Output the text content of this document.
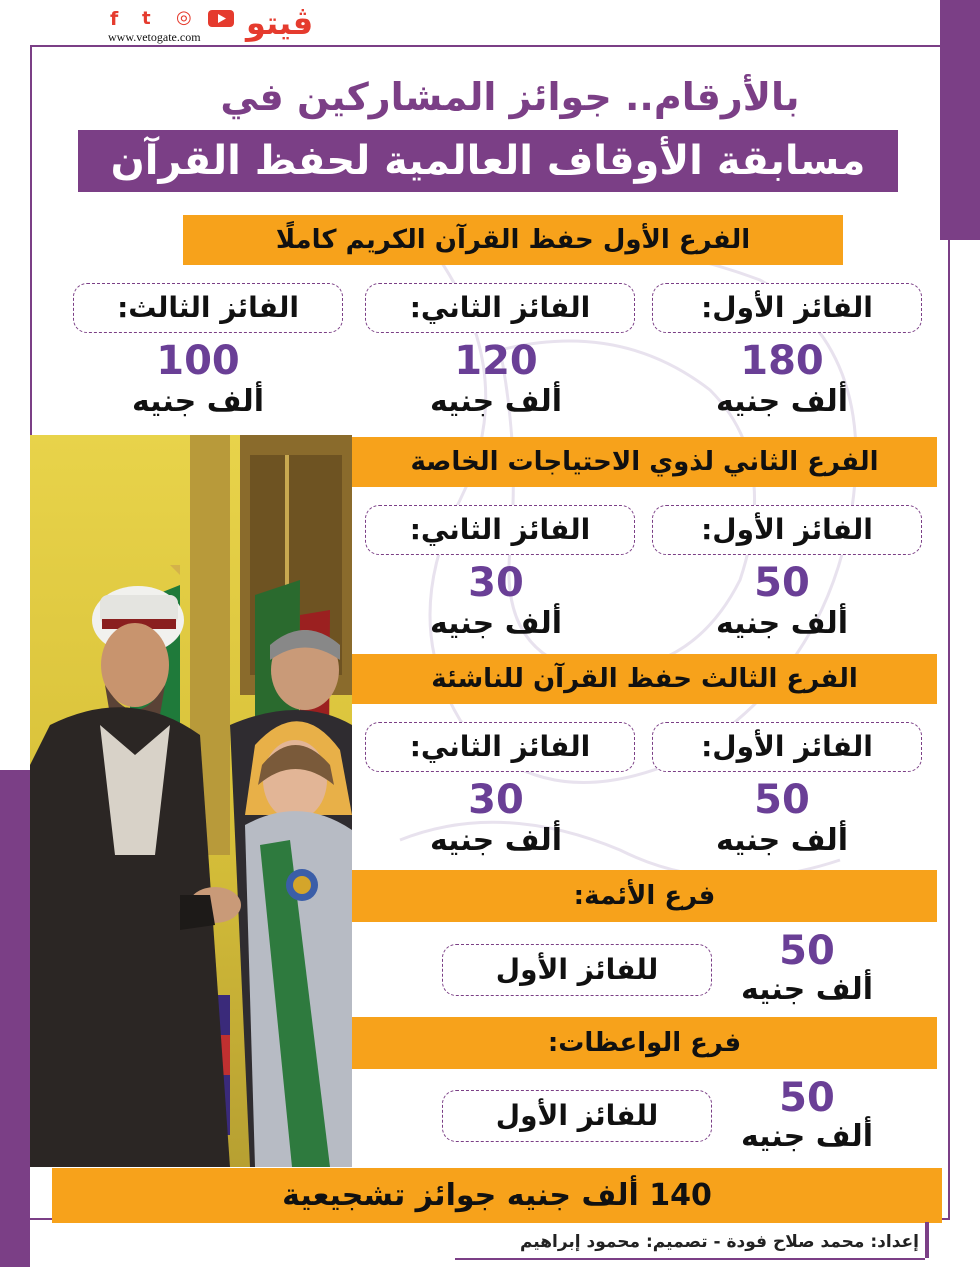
f t ◎
www.vetogate.com ڤيتو
بالأرقام.. جوائز المشاركين في
مسابقة الأوقاف العالمية لحفظ القرآن
الفرع الأول حفظ القرآن الكريم كاملًا
الفائز الأول:
الفائز الثاني:
الفائز الثالث:
180
ألف جنيه
120
ألف جنيه
100
ألف جنيه
الفرع الثاني لذوي الاحتياجات الخاصة
الفائز الأول:
الفائز الثاني:
50
ألف جنيه
30
ألف جنيه
الفرع الثالث حفظ القرآن للناشئة
الفائز الأول:
الفائز الثاني:
50
ألف جنيه
30
ألف جنيه
فرع الأئمة:
50
ألف جنيه
للفائز الأول
فرع الواعظات:
50
ألف جنيه
للفائز الأول
140 ألف جنيه جوائز تشجيعية
إعداد: محمد صلاح فودة - تصميم: محمود إبراهيم
